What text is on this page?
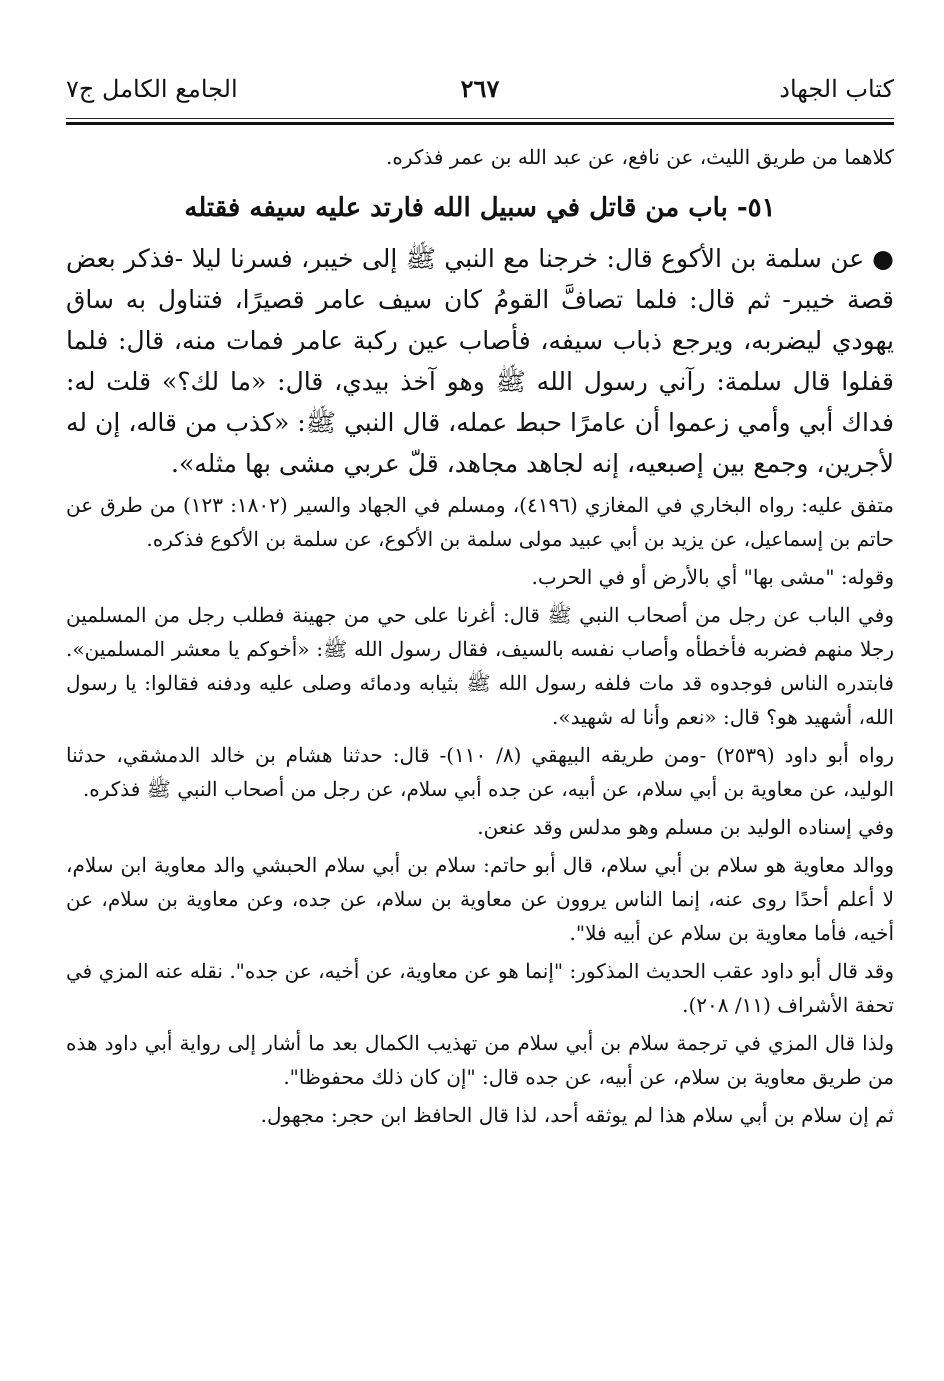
كتاب الجهاد
٢٦٧
الجامع الكامل ج٧

كلاهما من طريق الليث، عن نافع، عن عبد الله بن عمر فذكره.

٥١- باب من قاتل في سبيل الله فارتد عليه سيفه فقتله

●عن سلمة بن الأكوع قال: خرجنا مع النبي ﷺ إلى خيبر، فسرنا ليلا -فذكر بعض قصة خيبر- ثم قال: فلما تصافَّ القومُ كان سيف عامر قصيرًا، فتناول به ساق يهودي ليضربه، ويرجع ذباب سيفه، فأصاب عين ركبة عامر فمات منه، قال: فلما قفلوا قال سلمة: رآني رسول الله ﷺ وهو آخذ بيدي، قال: «ما لك؟» قلت له: فداك أبي وأمي زعموا أن عامرًا حبط عمله، قال النبي ﷺ: «كذب من قاله، إن له لأجرين، وجمع بين إصبعيه، إنه لجاهد مجاهد، قلّ عربي مشى بها مثله».

متفق عليه: رواه البخاري في المغازي (٤١٩٦)، ومسلم في الجهاد والسير (١٨٠٢: ١٢٣) من طرق عن حاتم بن إسماعيل، عن يزيد بن أبي عبيد مولى سلمة بن الأكوع، عن سلمة بن الأكوع فذكره.

وقوله: "مشى بها" أي بالأرض أو في الحرب.

وفي الباب عن رجل من أصحاب النبي ﷺ قال: أغرنا على حي من جهينة فطلب رجل من المسلمين رجلا منهم فضربه فأخطأه وأصاب نفسه بالسيف، فقال رسول الله ﷺ: «أخوكم يا معشر المسلمين». فابتدره الناس فوجدوه قد مات فلفه رسول الله ﷺ بثيابه ودمائه وصلى عليه ودفنه فقالوا: يا رسول الله، أشهيد هو؟ قال: «نعم وأنا له شهيد».

رواه أبو داود (٢٥٣٩) -ومن طريقه البيهقي (٨/ ١١٠)- قال: حدثنا هشام بن خالد الدمشقي، حدثنا الوليد، عن معاوية بن أبي سلام، عن أبيه، عن جده أبي سلام، عن رجل من أصحاب النبي ﷺ فذكره.

وفي إسناده الوليد بن مسلم وهو مدلس وقد عنعن.

ووالد معاوية هو سلام بن أبي سلام، قال أبو حاتم: سلام بن أبي سلام الحبشي والد معاوية ابن سلام، لا أعلم أحدًا روى عنه، إنما الناس يروون عن معاوية بن سلام، عن جده، وعن معاوية بن سلام، عن أخيه، فأما معاوية بن سلام عن أبيه فلا".

وقد قال أبو داود عقب الحديث المذكور: "إنما هو عن معاوية، عن أخيه، عن جده". نقله عنه المزي في تحفة الأشراف (١١/ ٢٠٨).

ولذا قال المزي في ترجمة سلام بن أبي سلام من تهذيب الكمال بعد ما أشار إلى رواية أبي داود هذه من طريق معاوية بن سلام، عن أبيه، عن جده قال: "إن كان ذلك محفوظا".

ثم إن سلام بن أبي سلام هذا لم يوثقه أحد، لذا قال الحافظ ابن حجر: مجهول.
